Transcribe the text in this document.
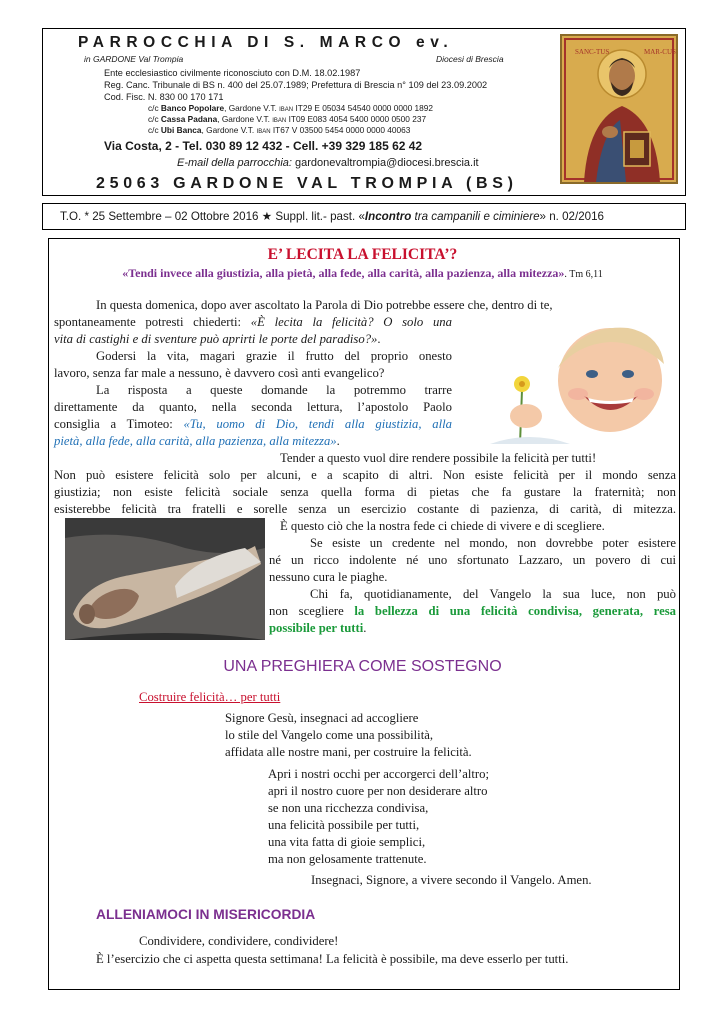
PARROCCHIA DI S. MARCO ev.
in GARDONE Val Trompia	Diocesi di Brescia
Ente ecclesiastico civilmente riconosciuto con D.M. 18.02.1987
Reg. Canc. Tribunale di BS n. 400 del 25.07.1989; Prefettura di Brescia n° 109 del 23.09.2002
Cod. Fisc. N. 830 00 170 171
c/c Banco Popolare, Gardone V.T. IBAN IT29 E 05034 54540 0000 0000 1892
c/c Cassa Padana, Gardone V.T. IBAN IT09 E083 4054 5400 0000 0500 237
c/c Ubi Banca, Gardone V.T. IBAN IT67 V 03500 5454 0000 0000 40063
Via Costa, 2 - Tel. 030 89 12 432 - Cell. +39 329 185 62 42
E-mail della parrocchia: gardonevaltrompia@diocesi.brescia.it
25063 GARDONE VAL TROMPIA (BS)
SANC-TUS	MAR-CUS
T.O. * 25 Settembre – 02 Ottobre 2016 ★ Suppl. lit.- past. «Incontro tra campanili e ciminiere» n. 02/2016
E’ LECITA LA FELICITA’?
«Tendi invece alla giustizia, alla pietà, alla fede, alla carità, alla pazienza, alla mitezza». Tm 6,11
In questa domenica, dopo aver ascoltato la Parola di Dio potrebbe essere che, dentro di te,
spontaneamente potresti chiederti: «È lecita la felicità? O solo una
vita di castighi e di sventure può aprirti le porte del paradiso?».
Godersi la vita, magari grazie il frutto del proprio onesto
lavoro, senza far male a nessuno, è davvero così anti evangelico?
La risposta a queste domande la potremmo trarre
direttamente da quanto, nella seconda lettura, l’apostolo Paolo
consiglia a Timoteo: «Tu, uomo di Dio, tendi alla giustizia, alla
pietà, alla fede, alla carità, alla pazienza, alla mitezza».
Tender a questo vuol dire rendere possibile la felicità per tutti!
Non può esistere felicità solo per alcuni, e a scapito di altri. Non esiste felicità per il mondo senza
giustizia; non esiste felicità sociale senza quella forma di pietas che fa gustare la fraternità; non
esisterebbe felicità tra fratelli e sorelle senza un esercizio costante di pazienza, di carità, di mitezza.
È questo ciò che la nostra fede ci chiede di vivere e di scegliere.
Se esiste un credente nel mondo, non dovrebbe poter esistere
né un ricco indolente né uno sfortunato Lazzaro, un povero di cui
nessuno cura le piaghe.
Chi fa, quotidianamente, del Vangelo la sua luce, non può
non scegliere la bellezza di una felicità condivisa, generata, resa
possibile per tutti.
UNA PREGHIERA COME SOSTEGNO
Costruire felicità… per tutti
Signore Gesù, insegnaci ad accogliere
lo stile del Vangelo come una possibilità,
affidata alle nostre mani, per costruire la felicità.
Apri i nostri occhi per accorgerci dell’altro;
apri il nostro cuore per non desiderare altro
se non una ricchezza condivisa,
una felicità possibile per tutti,
una vita fatta di gioie semplici,
ma non gelosamente trattenute.
Insegnaci, Signore, a vivere secondo il Vangelo. Amen.
ALLENIAMOCI IN MISERICORDIA
Condividere, condividere, condividere!
È l’esercizio che ci aspetta questa settimana! La felicità è possibile, ma deve esserlo per tutti.
